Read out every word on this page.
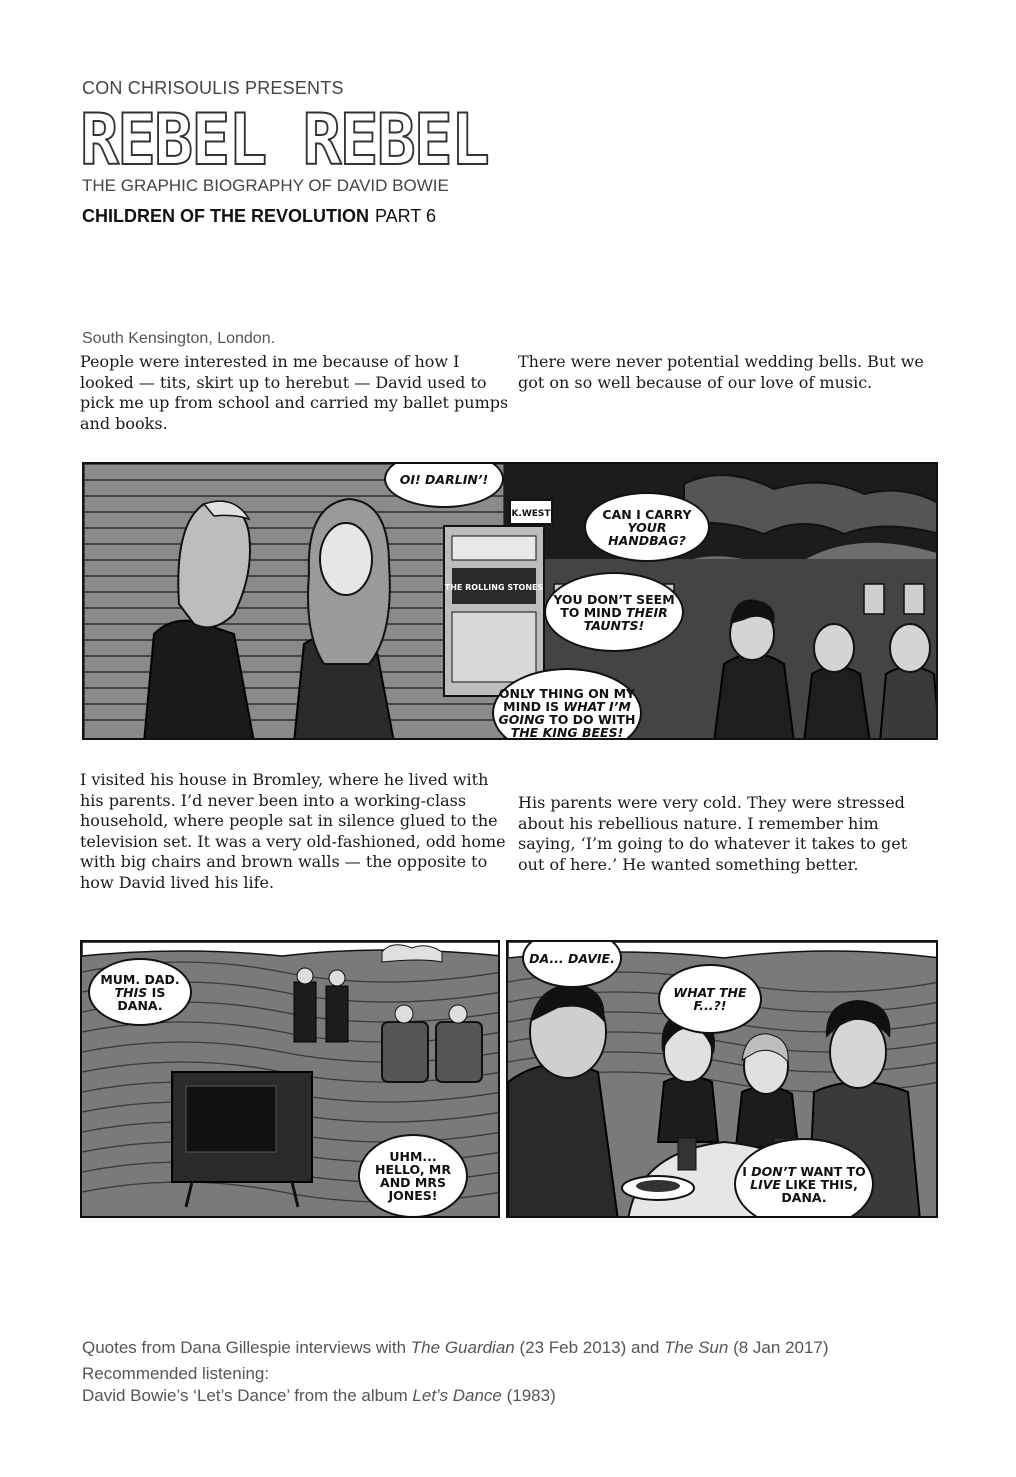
CON CHRISOULIS PRESENTS
REBEL REBEL
THE GRAPHIC BIOGRAPHY OF DAVID BOWIE
CHILDREN OF THE REVOLUTION PART 6
South Kensington, London.
People were interested in me because of how I looked — tits, skirt up to herebut — David used to pick me up from school and carried my ballet pumps and books.
There were never potential wedding bells. But we got on so well because of our love of music.
THE ROLLING STONES
K.WEST
OI! DARLIN’!
CAN I CARRY YOUR HANDBAG?
YOU DON’T SEEM TO MIND THEIR TAUNTS!
ONLY THING ON MY MIND IS WHAT I’M GOING TO DO WITH THE KING BEES!
I visited his house in Bromley, where he lived with his parents. I’d never been into a working-class household, where people sat in silence glued to the television set. It was a very old-fashioned, odd home with big chairs and brown walls — the opposite to how David lived his life.
His parents were very cold. They were stressed about his rebellious nature. I remember him saying, ‘I’m going to do whatever it takes to get out of here.’ He wanted something better.
MUM. DAD. THIS IS DANA.
UHM... HELLO, MR AND MRS JONES!
DA... DAVIE.
WHAT THE F...?!
I DON’T WANT TO LIVE LIKE THIS, DANA.
Quotes from Dana Gillespie interviews with The Guardian (23 Feb 2013) and The Sun (8 Jan 2017)
Recommended listening:
David Bowie’s ‘Let’s Dance’ from the album Let’s Dance (1983)
